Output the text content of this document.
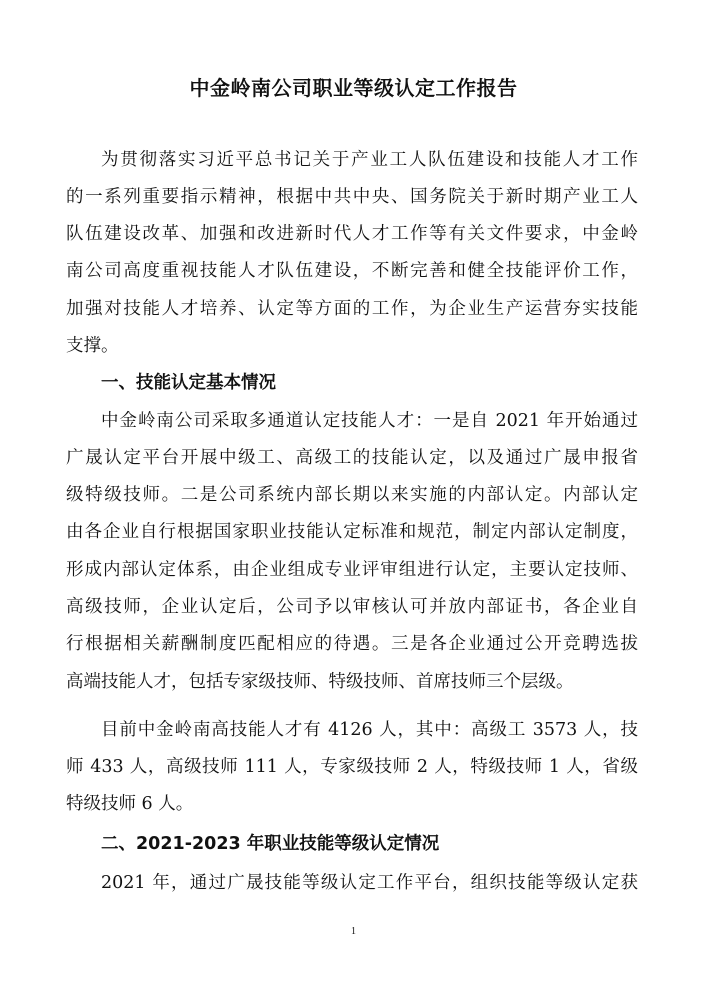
中金岭南公司职业等级认定工作报告
为贯彻落实习近平总书记关于产业工人队伍建设和技能人才工作
的一系列重要指示精神，根据中共中央、国务院关于新时期产业工人
队伍建设改革、加强和改进新时代人才工作等有关文件要求，中金岭
南公司高度重视技能人才队伍建设，不断完善和健全技能评价工作，
加强对技能人才培养、认定等方面的工作，为企业生产运营夯实技能
支撑。
一、技能认定基本情况
中金岭南公司采取多通道认定技能人才：一是自 2021 年开始通过
广晟认定平台开展中级工、高级工的技能认定，以及通过广晟申报省
级特级技师。二是公司系统内部长期以来实施的内部认定。内部认定
由各企业自行根据国家职业技能认定标准和规范，制定内部认定制度，
形成内部认定体系，由企业组成专业评审组进行认定，主要认定技师、
高级技师，企业认定后，公司予以审核认可并放内部证书，各企业自
行根据相关薪酬制度匹配相应的待遇。三是各企业通过公开竞聘选拔
高端技能人才，包括专家级技师、特级技师、首席技师三个层级。
目前中金岭南高技能人才有 4126 人，其中：高级工 3573 人，技
师 433 人，高级技师 111 人，专家级技师 2 人，特级技师 1 人，省级
特级技师 6 人。
二、2021-2023 年职业技能等级认定情况
2021 年，通过广晟技能等级认定工作平台，组织技能等级认定获
1
